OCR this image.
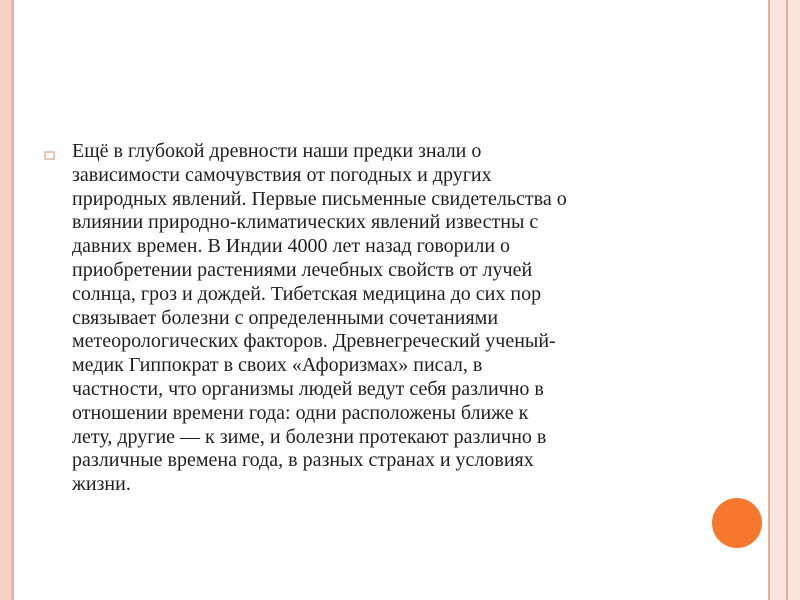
Немного из истории…

Ещё в глубокой древности наши предки знали о
зависимости самочувствия от погодных и других
природных явлений. Первые письменные свидетельства о
влиянии природно-климатических явлений известны с
давних времен. В Индии 4000 лет назад говорили о
приобретении растениями лечебных свойств от лучей
солнца, гроз и дождей. Тибетская медицина до сих пор
связывает болезни с определенными сочетаниями
метеорологических факторов. Древнегреческий ученый-
медик Гиппократ в своих «Афоризмах» писал, в
частности, что организмы людей ведут себя различно в
отношении времени года: одни расположены ближе к
лету, другие — к зиме, и болезни протекают различно в
различные времена года, в разных странах и условиях
жизни.
